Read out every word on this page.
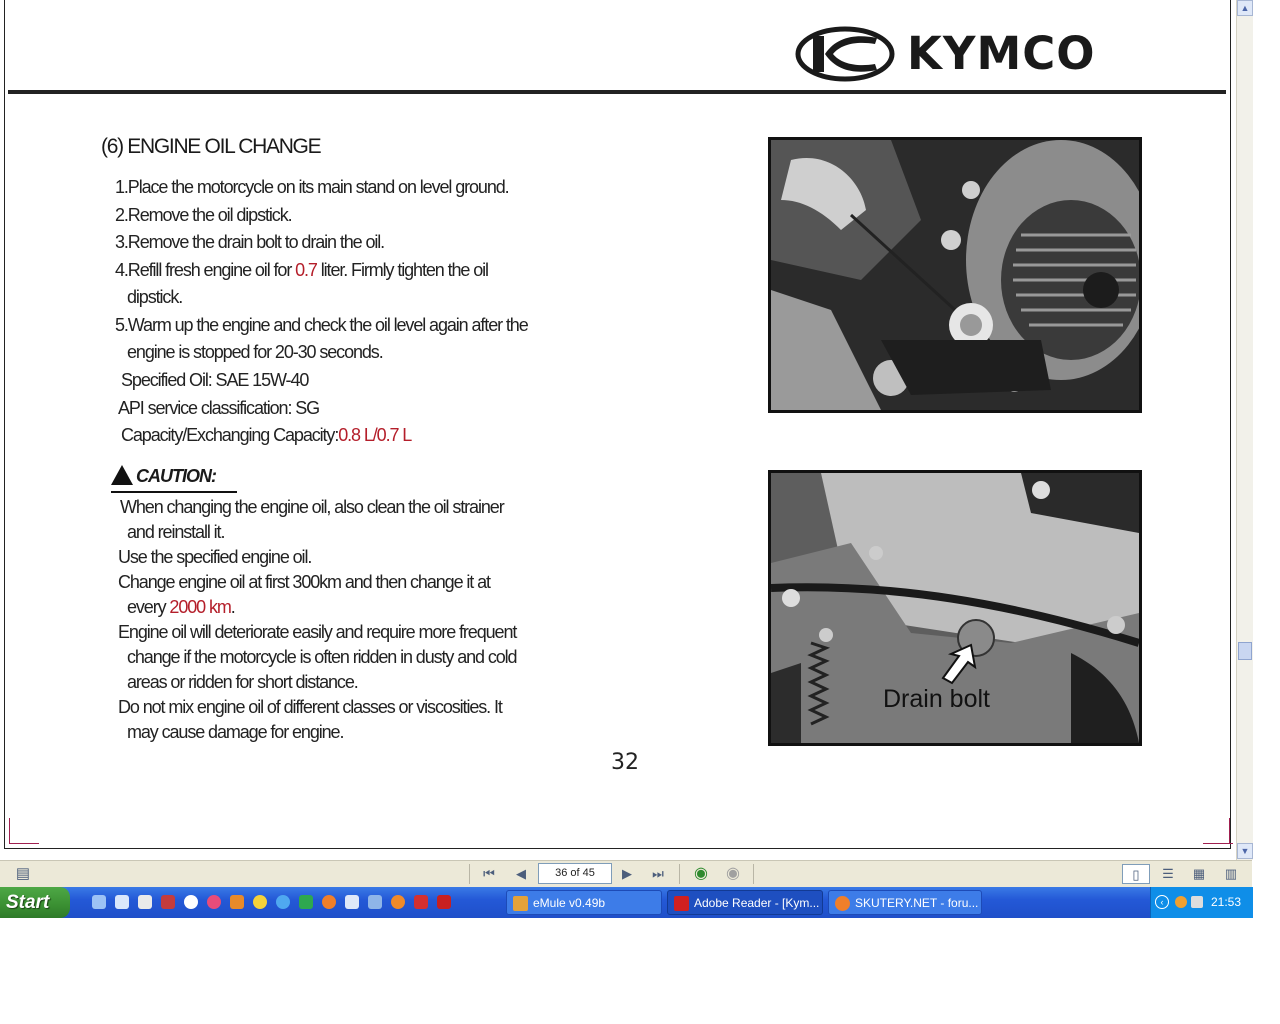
KYMCO
(6) ENGINE OIL CHANGE
1.Place the motorcycle on its main stand on level ground.
2.Remove the oil dipstick.
3.Remove the drain bolt to drain the oil.
4.Refill fresh engine oil for 0.7 liter. Firmly tighten the oil
dipstick.
5.Warm up the engine and check the oil level again after the
engine is stopped for 20-30 seconds.
Specified Oil: SAE 15W-40
API service classification: SG
Capacity/Exchanging Capacity:0.8 L/0.7 L
CAUTION:
When changing the engine oil, also clean the oil strainer
and reinstall it.
Use the specified engine oil.
Change engine oil at first 300km and then change it at
every 2000 km.
Engine oil will deteriorate easily and require more frequent
change if the motorcycle is often ridden in dusty and cold
areas or ridden for short distance.
Do not mix engine oil of different classes or viscosities. It
may cause damage for engine.
32
Drain bolt
▲
▼
▤	⏮	◀	36 of 45	▶	⏭	◉ ◉	▯	☰	▦	▥
Start	eMule v0.49b	Adobe Reader - [Kym...	SKUTERY.NET - foru...	‹	21:53
